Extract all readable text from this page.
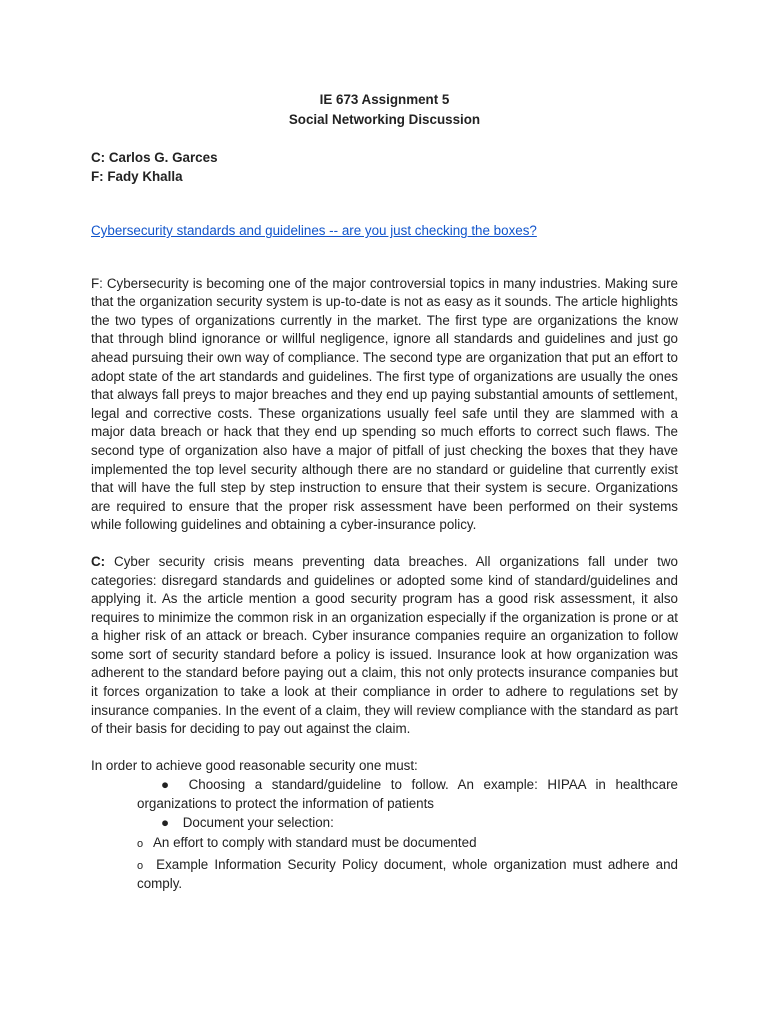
IE 673 Assignment 5
Social Networking Discussion
C: Carlos G. Garces
F: Fady Khalla
Cybersecurity standards and guidelines -- are you just checking the boxes?

F: Cybersecurity is becoming one of the major controversial topics in many industries. Making sure that the organization security system is up-to-date is not as easy as it sounds. The article highlights the two types of organizations currently in the market. The first type are organizations the know that through blind ignorance or willful negligence, ignore all standards and guidelines and just go ahead pursuing their own way of compliance. The second type are organization that put an effort to adopt state of the art standards and guidelines. The first type of organizations are usually the ones that always fall preys to major breaches and they end up paying substantial amounts of settlement, legal and corrective costs. These organizations usually feel safe until they are slammed with a major data breach or hack that they end up spending so much efforts to correct such flaws. The second type of organization also have a major of pitfall of just checking the boxes that they have implemented the top level security although there are no standard or guideline that currently exist that will have the full step by step instruction to ensure that their system is secure. Organizations are required to ensure that the proper risk assessment have been performed on their systems while following guidelines and obtaining a cyber-insurance policy.

C: Cyber security crisis means preventing data breaches. All organizations fall under two categories: disregard standards and guidelines or adopted some kind of standard/guidelines and applying it. As the article mention a good security program has a good risk assessment, it also requires to minimize the common risk in an organization especially if the organization is prone or at a higher risk of an attack or breach. Cyber insurance companies require an organization to follow some sort of security standard before a policy is issued. Insurance look at how organization was adherent to the standard before paying out a claim, this not only protects insurance companies but it forces organization to take a look at their compliance in order to adhere to regulations set by insurance companies. In the event of a claim, they will review compliance with the standard as part of their basis for deciding to pay out against the claim.

In order to achieve good reasonable security one must:
● Choosing a standard/guideline to follow. An example: HIPAA in healthcare organizations to protect the information of patients
● Document your selection:
o An effort to comply with standard must be documented
o Example Information Security Policy document, whole organization must adhere and comply.
